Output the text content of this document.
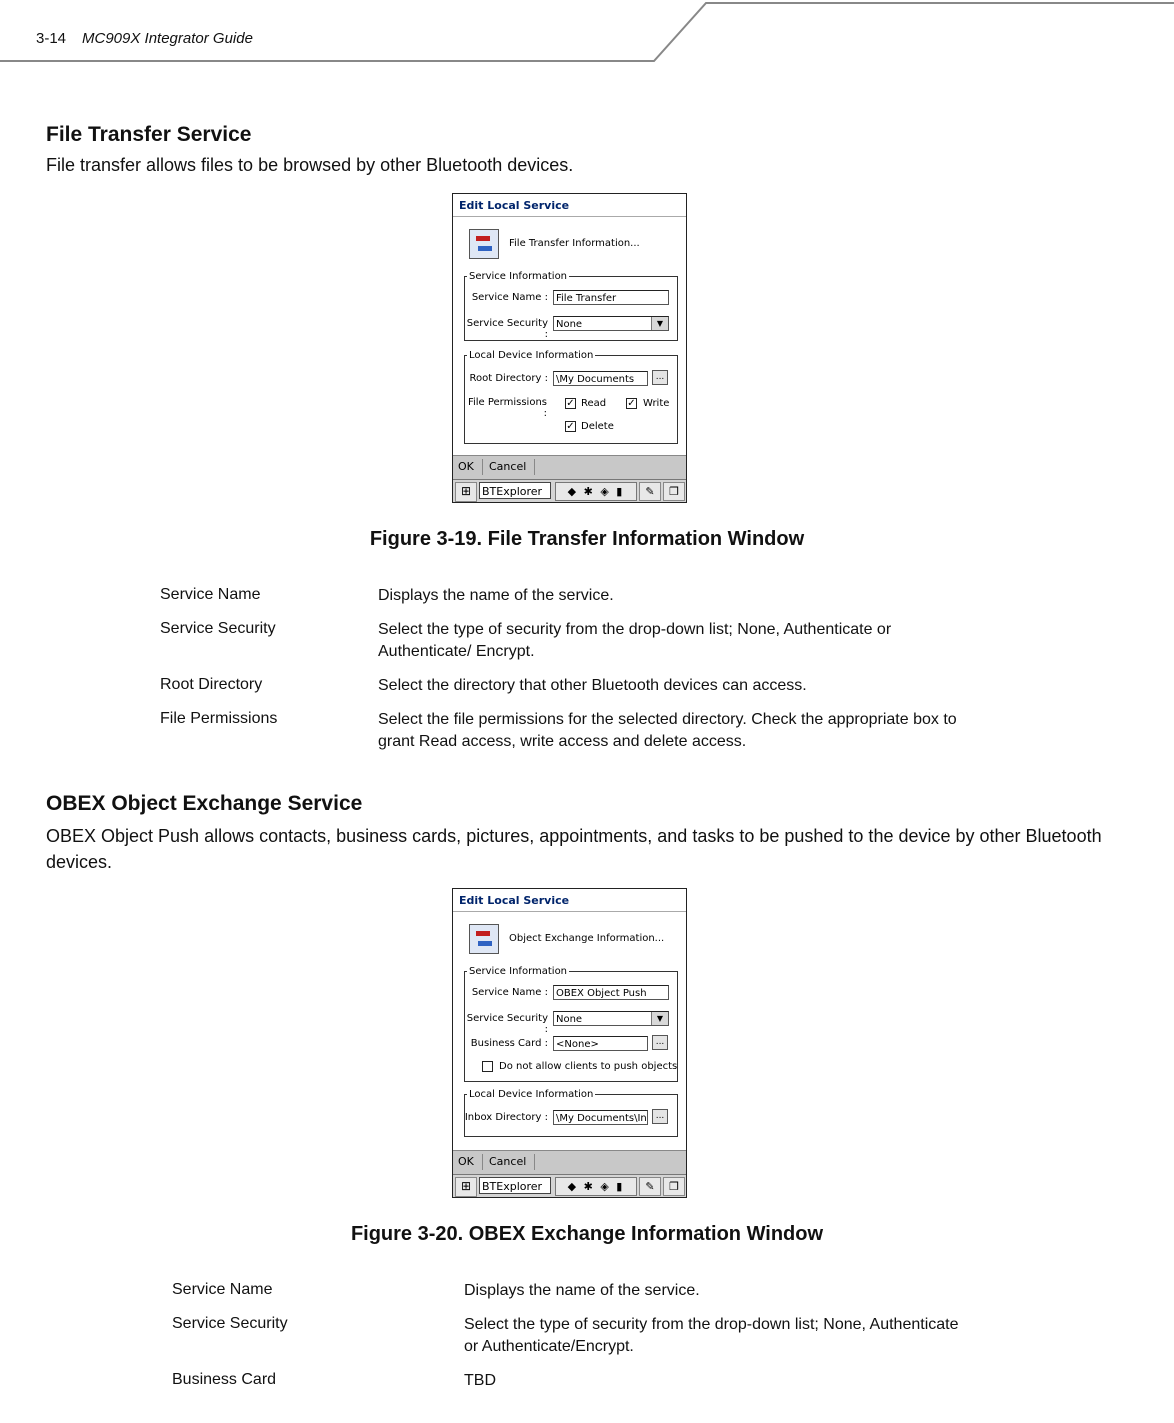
3-14 MC909X Integrator Guide
File Transfer Service
File transfer allows files to be browsed by other Bluetooth devices.
Edit Local Service
File Transfer Information...
Service Information
Service Name : File Transfer
Service Security :
None	▼
Local Device Information
Root Directory : \My Documents	...
File Permissions :
✓ Read ✓ Write
✓ Delete
OK Cancel
⊞ BTExplorer	◆ ✱ ◈ ▮	✎	❐
Figure 3-19. File Transfer Information Window
Service Name	Displays the name of the service.
Service Security	Select the type of security from the drop-down list; None, Authenticate or Authenticate/ Encrypt.
Root Directory	Select the directory that other Bluetooth devices can access.
File Permissions	Select the file permissions for the selected directory. Check the appropriate box to grant Read access, write access and delete access.
OBEX Object Exchange Service
OBEX Object Push allows contacts, business cards, pictures, appointments, and tasks to be pushed to the device by other Bluetooth devices.
Edit Local Service
Object Exchange Information...
Service Information
Service Name : OBEX Object Push
Service Security :
None	▼
Business Card : <None>	...
Do not allow clients to push objects
Local Device Information
Inbox Directory : \My Documents\In ...
OK Cancel
⊞ BTExplorer	◆ ✱ ◈ ▮	✎	❐
Figure 3-20. OBEX Exchange Information Window
Service Name	Displays the name of the service.
Service Security	Select the type of security from the drop-down list; None, Authenticate or Authenticate/Encrypt.
Business Card	TBD
